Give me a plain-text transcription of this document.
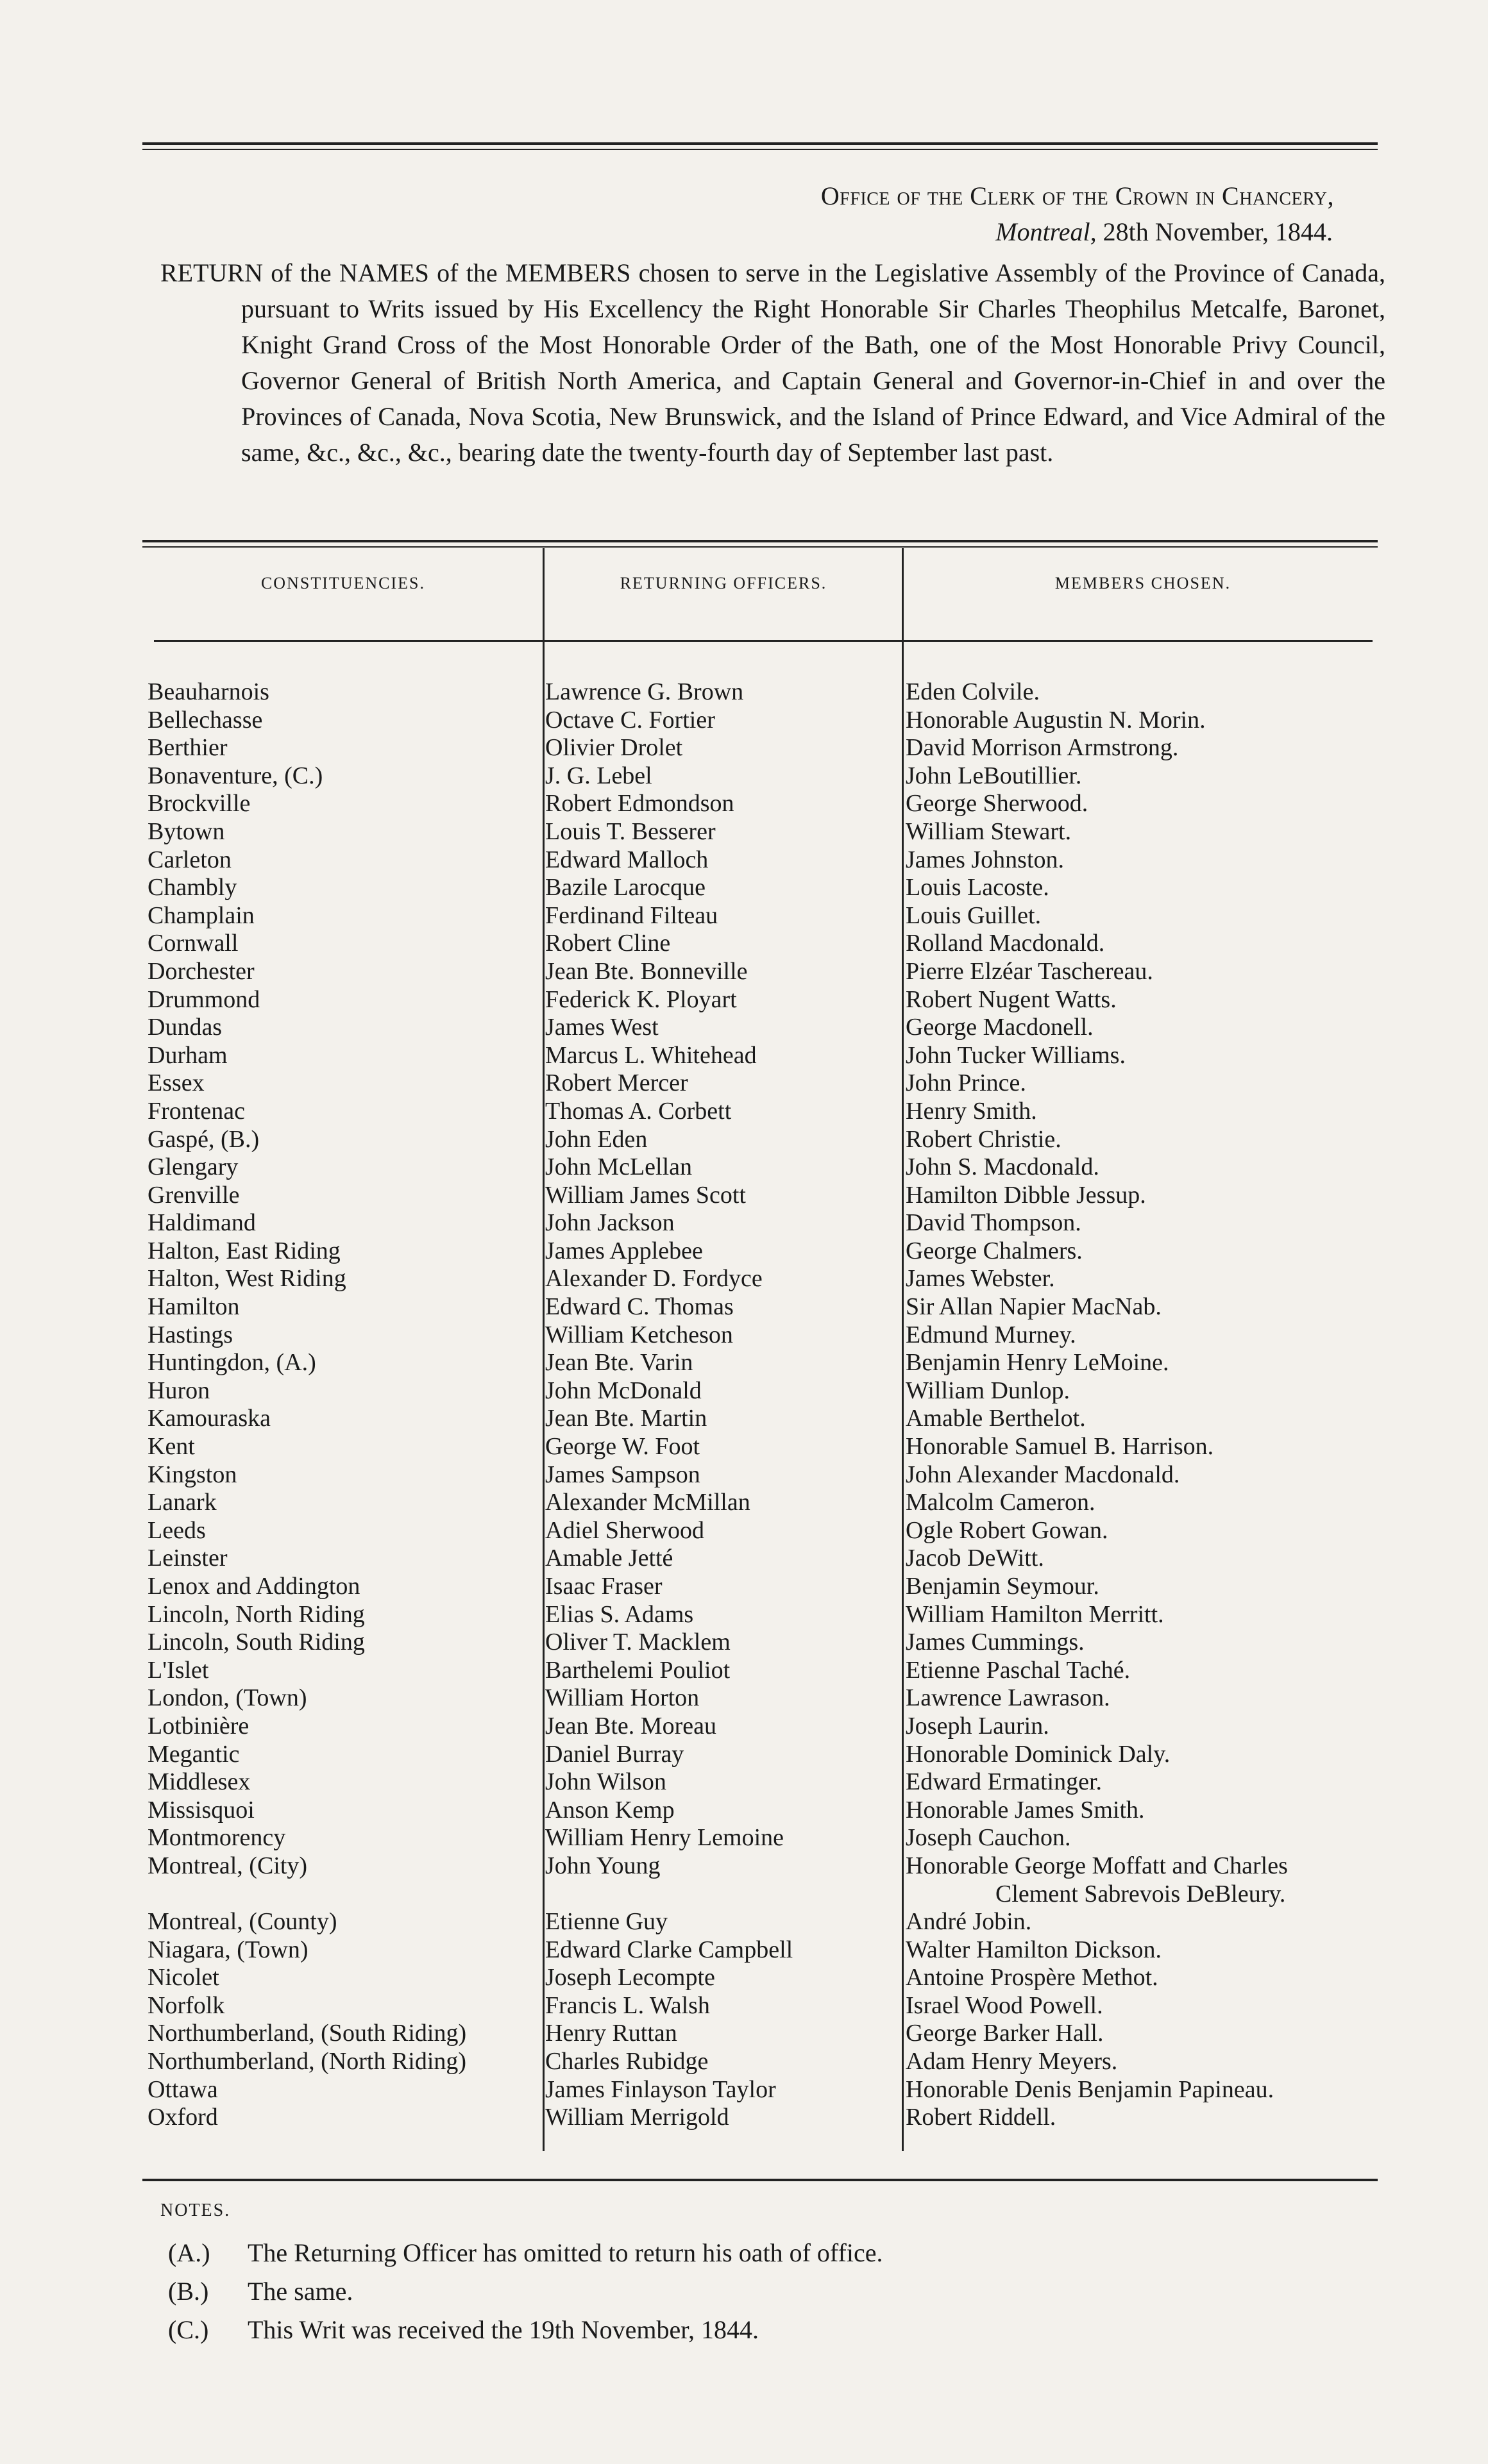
Office of the Clerk of the Crown in Chancery,
Montreal, 28th November, 1844.
RETURN of the NAMES of the MEMBERS chosen to serve in the Legislative Assembly of the Province of Canada, pursuant to Writs issued by His Excellency the Right Honorable Sir Charles Theophilus Metcalfe, Baronet, Knight Grand Cross of the Most Honorable Order of the Bath, one of the Most Honorable Privy Council, Governor General of British North America, and Captain General and Governor-in-Chief in and over the Provinces of Canada, Nova Scotia, New Brunswick, and the Island of Prince Edward, and Vice Admiral of the same, &c., &c., &c., bearing date the twenty-fourth day of September last past.
CONSTITUENCIES.	RETURNING OFFICERS.	MEMBERS CHOSEN.
Beauharnois	Lawrence G. Brown	Eden Colvile.
Bellechasse	Octave C. Fortier	Honorable Augustin N. Morin.
Berthier	Olivier Drolet	David Morrison Armstrong.
Bonaventure, (C.)	J. G. Lebel	John LeBoutillier.
Brockville	Robert Edmondson	George Sherwood.
Bytown	Louis T. Besserer	William Stewart.
Carleton	Edward Malloch	James Johnston.
Chambly	Bazile Larocque	Louis Lacoste.
Champlain	Ferdinand Filteau	Louis Guillet.
Cornwall	Robert Cline	Rolland Macdonald.
Dorchester	Jean Bte. Bonneville	Pierre Elzéar Taschereau.
Drummond	Federick K. Ployart	Robert Nugent Watts.
Dundas	James West	George Macdonell.
Durham	Marcus L. Whitehead	John Tucker Williams.
Essex	Robert Mercer	John Prince.
Frontenac	Thomas A. Corbett	Henry Smith.
Gaspé, (B.)	John Eden	Robert Christie.
Glengary	John McLellan	John S. Macdonald.
Grenville	William James Scott	Hamilton Dibble Jessup.
Haldimand	John Jackson	David Thompson.
Halton, East Riding	James Applebee	George Chalmers.
Halton, West Riding	Alexander D. Fordyce	James Webster.
Hamilton	Edward C. Thomas	Sir Allan Napier MacNab.
Hastings	William Ketcheson	Edmund Murney.
Huntingdon, (A.)	Jean Bte. Varin	Benjamin Henry LeMoine.
Huron	John McDonald	William Dunlop.
Kamouraska	Jean Bte. Martin	Amable Berthelot.
Kent	George W. Foot	Honorable Samuel B. Harrison.
Kingston	James Sampson	John Alexander Macdonald.
Lanark	Alexander McMillan	Malcolm Cameron.
Leeds	Adiel Sherwood	Ogle Robert Gowan.
Leinster	Amable Jetté	Jacob DeWitt.
Lenox and Addington	Isaac Fraser	Benjamin Seymour.
Lincoln, North Riding	Elias S. Adams	William Hamilton Merritt.
Lincoln, South Riding	Oliver T. Macklem	James Cummings.
L'Islet	Barthelemi Pouliot	Etienne Paschal Taché.
London, (Town)	William Horton	Lawrence Lawrason.
Lotbinière	Jean Bte. Moreau	Joseph Laurin.
Megantic	Daniel Burray	Honorable Dominick Daly.
Middlesex	John Wilson	Edward Ermatinger.
Missisquoi	Anson Kemp	Honorable James Smith.
Montmorency	William Henry Lemoine	Joseph Cauchon.
Montreal, (City)	John Young	Honorable George Moffatt and Charles
Clement Sabrevois DeBleury.
Montreal, (County)	Etienne Guy	André Jobin.
Niagara, (Town)	Edward Clarke Campbell	Walter Hamilton Dickson.
Nicolet	Joseph Lecompte	Antoine Prospère Methot.
Norfolk	Francis L. Walsh	Israel Wood Powell.
Northumberland, (South Riding)	Henry Ruttan	George Barker Hall.
Northumberland, (North Riding)	Charles Rubidge	Adam Henry Meyers.
Ottawa	James Finlayson Taylor	Honorable Denis Benjamin Papineau.
Oxford	William Merrigold	Robert Riddell.
NOTES.
(A.) The Returning Officer has omitted to return his oath of office.
(B.) The same.
(C.) This Writ was received the 19th November, 1844.
